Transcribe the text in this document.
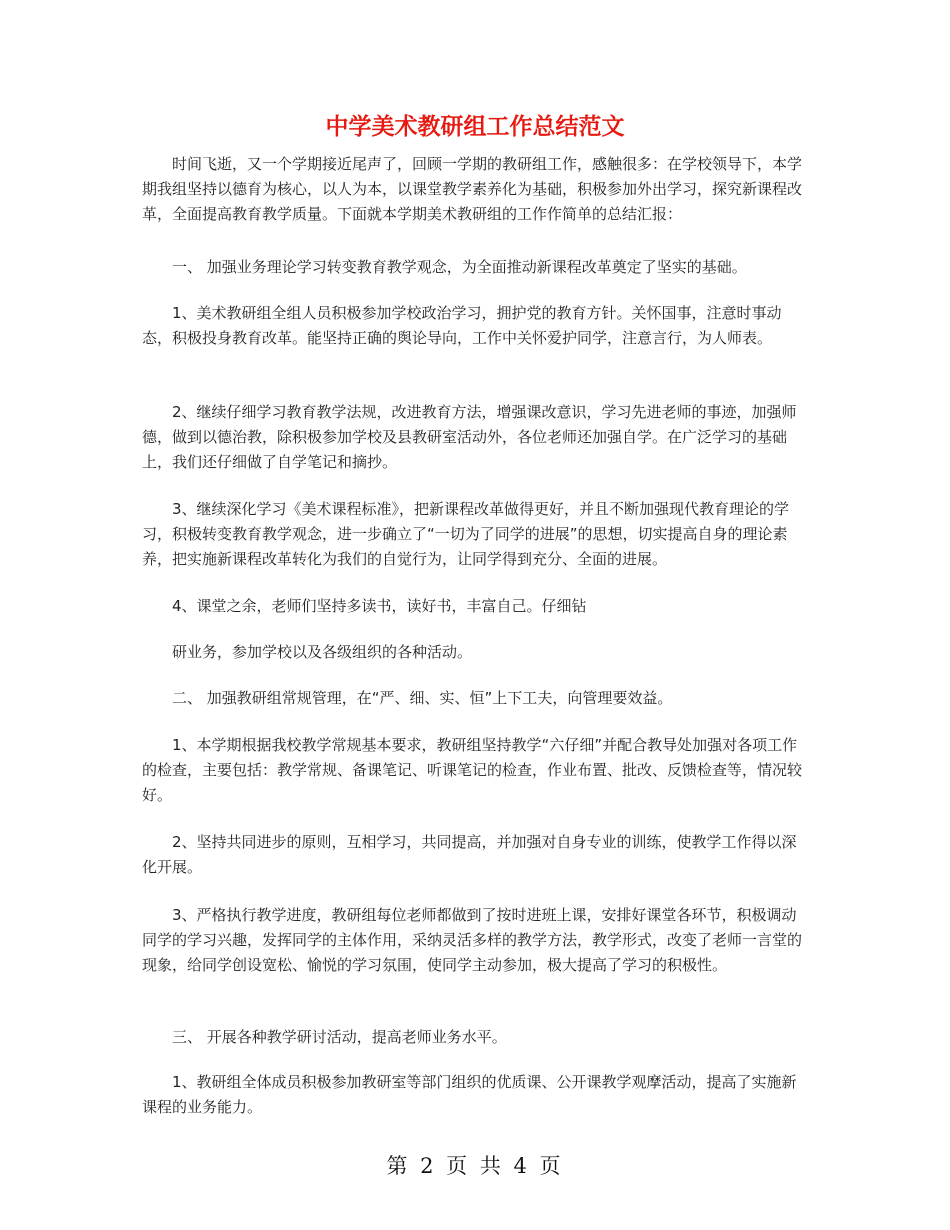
中学美术教研组工作总结范文
时间飞逝，又一个学期接近尾声了，回顾一学期的教研组工作，感触很多：在学校领导下，本学期我组坚持以德育为核心，以人为本，以课堂教学素养化为基础，积极参加外出学习，探究新课程改革，全面提高教育教学质量。下面就本学期美术教研组的工作作简单的总结汇报：
一、 加强业务理论学习转变教育教学观念，为全面推动新课程改革奠定了坚实的基础。
1、美术教研组全组人员积极参加学校政治学习，拥护党的教育方针。关怀国事，注意时事动态，积极投身教育改革。能坚持正确的舆论导向，工作中关怀爱护同学，注意言行，为人师表。
2、继续仔细学习教育教学法规，改进教育方法，增强课改意识，学习先进老师的事迹，加强师德，做到以德治教，除积极参加学校及县教研室活动外，各位老师还加强自学。在广泛学习的基础上，我们还仔细做了自学笔记和摘抄。
3、继续深化学习《美术课程标准》，把新课程改革做得更好，并且不断加强现代教育理论的学习，积极转变教育教学观念，进一步确立了“一切为了同学的进展”的思想，切实提高自身的理论素养，把实施新课程改革转化为我们的自觉行为，让同学得到充分、全面的进展。
4、课堂之余，老师们坚持多读书，读好书，丰富自己。仔细钻
研业务，参加学校以及各级组织的各种活动。
二、 加强教研组常规管理，在“严、细、实、恒”上下工夫，向管理要效益。
1、本学期根据我校教学常规基本要求，教研组坚持教学“六仔细”并配合教导处加强对各项工作的检查，主要包括：教学常规、备课笔记、听课笔记的检查，作业布置、批改、反馈检查等，情况较好。
2、坚持共同进步的原则，互相学习，共同提高，并加强对自身专业的训练，使教学工作得以深化开展。
3、严格执行教学进度，教研组每位老师都做到了按时进班上课，安排好课堂各环节，积极调动同学的学习兴趣，发挥同学的主体作用，采纳灵活多样的教学方法，教学形式，改变了老师一言堂的现象，给同学创设宽松、愉悦的学习氛围，使同学主动参加，极大提高了学习的积极性。
三、 开展各种教学研讨活动，提高老师业务水平。
1、教研组全体成员积极参加教研室等部门组织的优质课、公开课教学观摩活动，提高了实施新课程的业务能力。
第 2 页 共 4 页
